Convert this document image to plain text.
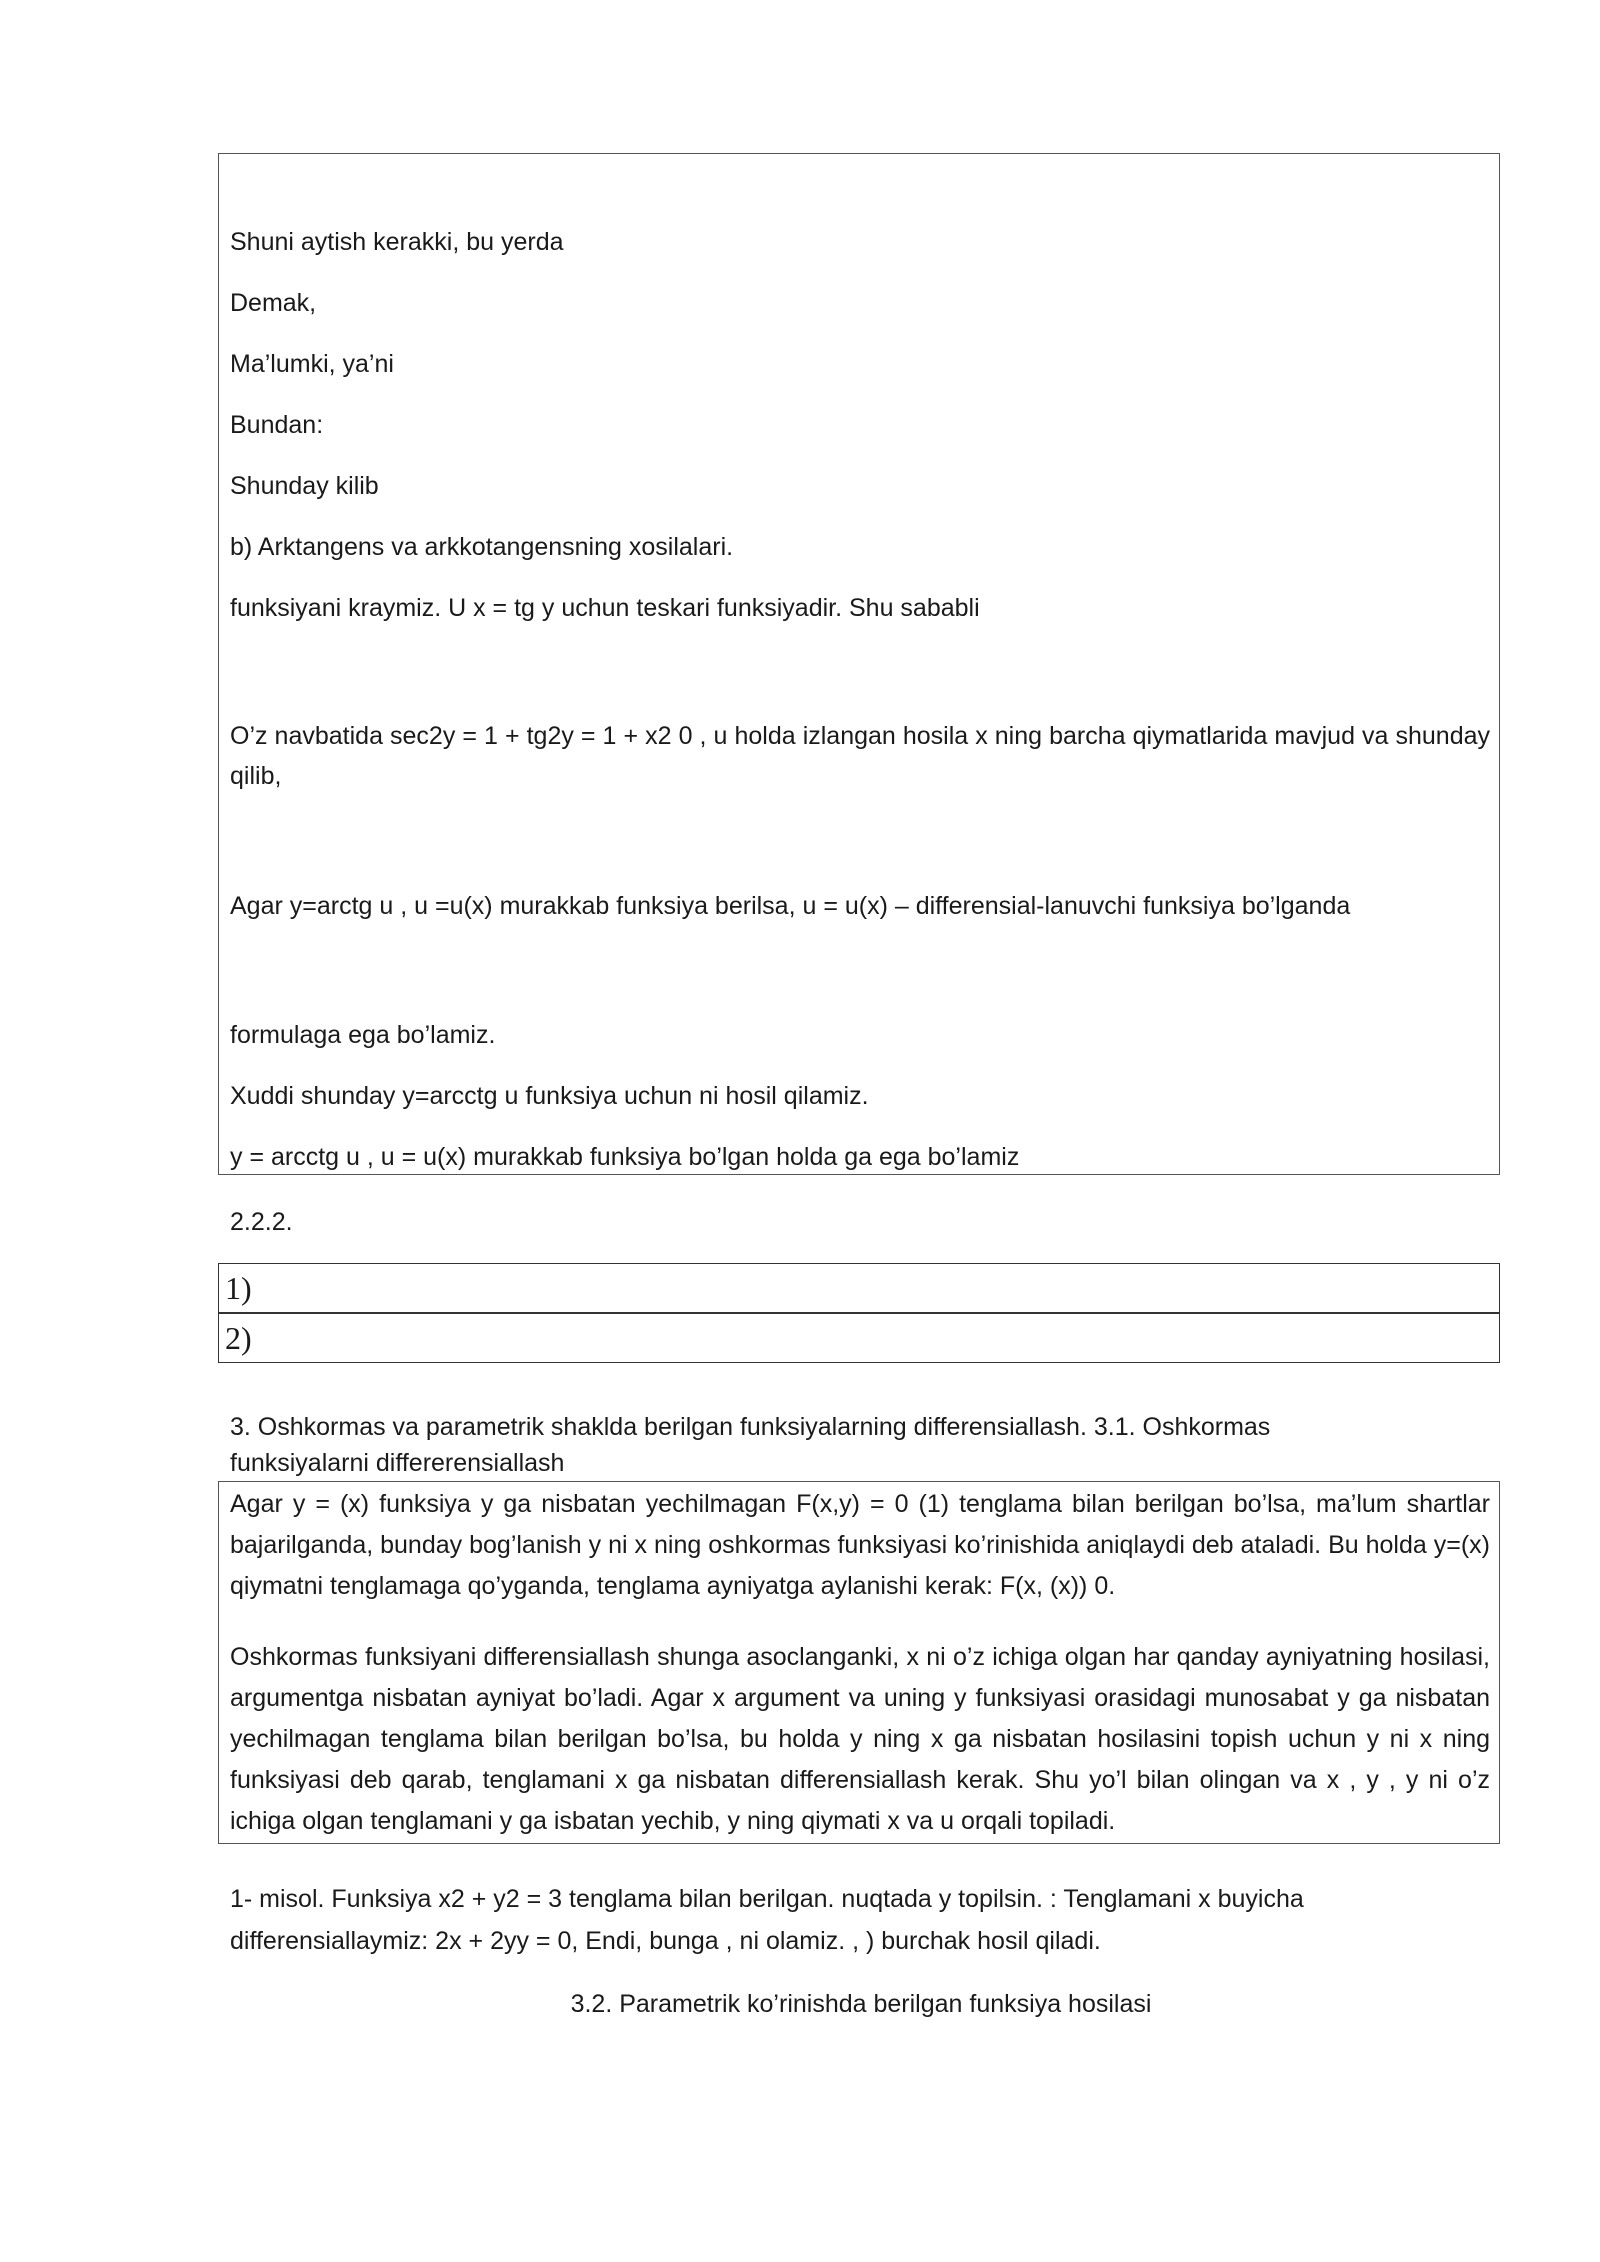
Shuni aytish kerakki, bu yerda

Demak,

Ma’lumki, ya’ni

Bundan:

Shunday kilib

b) Arktangens va arkkotangensning xosilalari.

funksiyani kraymiz. U x = tg y uchun teskari funksiyadir. Shu sababli

O’z navbatida sec2y = 1 + tg2y = 1 + x2 0 , u holda izlangan hosila x ning barcha qiymatlarida mavjud va shunday qilib,

Agar y=arctg u , u =u(x) murakkab funksiya berilsa, u = u(x) – differensial-lanuvchi funksiya bo’lganda

formulaga ega bo’lamiz.

Xuddi shunday y=arcctg u funksiya uchun ni hosil qilamiz.

y = arcctg u , u = u(x) murakkab funksiya bo’lgan holda ga ega bo’lamiz

2.2.2.

1)
2)

3. Oshkormas va parametrik shaklda berilgan funksiyalarning differensiallash. 3.1. Oshkormas funksiyalarni differerensiallash

Agar y = (x) funksiya y ga nisbatan yechilmagan F(x,y) = 0 (1) tenglama bilan berilgan bo’lsa, ma’lum shartlar bajarilganda, bunday bog’lanish y ni x ning oshkormas funksiyasi ko’rinishida aniqlaydi deb ataladi. Bu holda y=(x) qiymatni tenglamaga qo’yganda, tenglama ayniyatga aylanishi kerak: F(x, (x)) 0.

Oshkormas funksiyani differensiallash shunga asoclanganki, x ni o’z ichiga olgan har qanday ayniyatning hosilasi, argumentga nisbatan ayniyat bo’ladi. Agar x argument va uning y funksiyasi orasidagi munosabat y ga nisbatan yechilmagan tenglama bilan berilgan bo’lsa, bu holda y ning x ga nisbatan hosilasini topish uchun y ni x ning funksiyasi deb qarab, tenglamani x ga nisbatan differensiallash kerak. Shu yo’l bilan olingan va x , y , y ni o’z ichiga olgan tenglamani y ga isbatan yechib, y ning qiymati x va u orqali topiladi.

1- misol. Funksiya x2 + y2 = 3 tenglama bilan berilgan. nuqtada y topilsin. : Tenglamani x buyicha differensiallaymiz: 2x + 2yy = 0, Endi, bunga , ni olamiz. , ) burchak hosil qiladi.

3.2. Parametrik ko’rinishda berilgan funksiya hosilasi
